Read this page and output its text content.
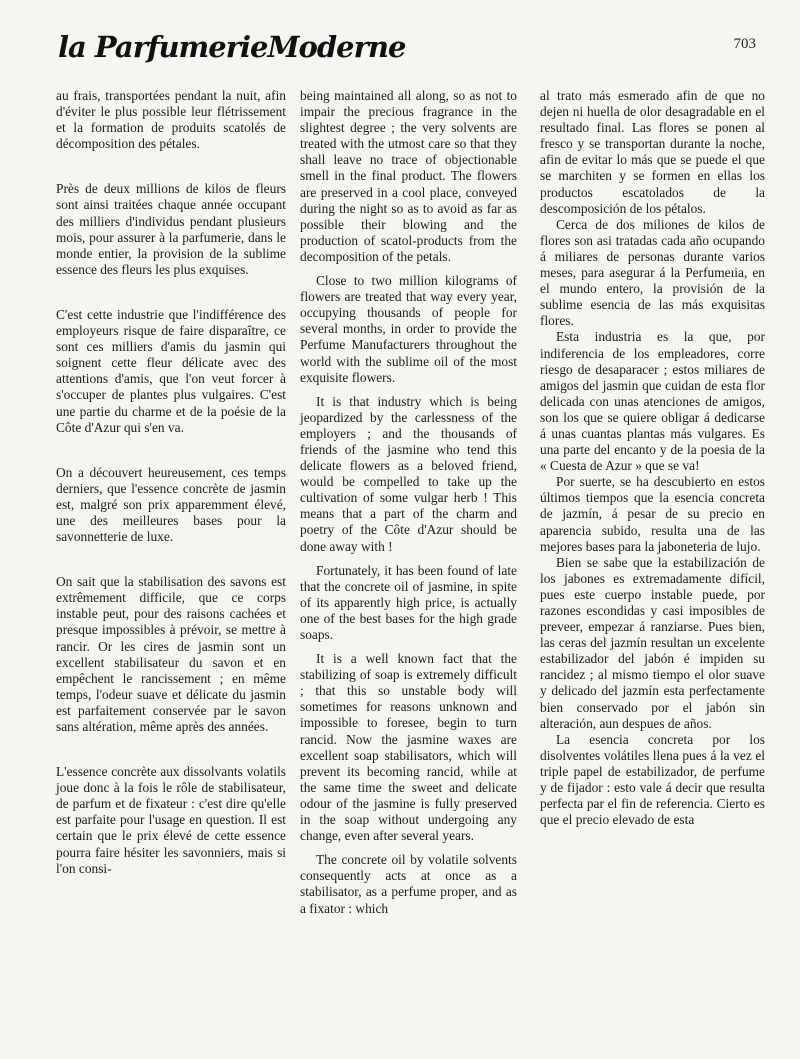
la ParfumerieModerne	703

au frais, transportées pendant la nuit, afin d'éviter le plus possible leur flétrissement et la formation de produits scatolés de décomposition des pétales.

Près de deux millions de kilos de fleurs sont ainsi traitées chaque année occupant des milliers d'individus pendant plusieurs mois, pour assurer à la parfumerie, dans le monde entier, la provision de la sublime essence des fleurs les plus exquises.

C'est cette industrie que l'indifférence des employeurs risque de faire disparaître, ce sont ces milliers d'amis du jasmin qui soignent cette fleur délicate avec des attentions d'amis, que l'on veut forcer à s'occuper de plantes plus vulgaires. C'est une partie du charme et de la poésie de la Côte d'Azur qui s'en va.

On a découvert heureusement, ces temps derniers, que l'essence concrète de jasmin est, malgré son prix apparemment élevé, une des meilleures bases pour la savonnetterie de luxe.

On sait que la stabilisation des savons est extrêmement difficile, que ce corps instable peut, pour des raisons cachées et presque impossibles à prévoir, se mettre à rancir. Or les cires de jasmin sont un excellent stabilisateur du savon et en empêchent le rancissement ; en même temps, l'odeur suave et délicate du jasmin est parfaitement conservée par le savon sans altération, même après des années.

L'essence concrète aux dissolvants volatils joue donc à la fois le rôle de stabilisateur, de parfum et de fixateur : c'est dire qu'elle est parfaite pour l'usage en question. Il est certain que le prix élevé de cette essence pourra faire hésiter les savonniers, mais si l'on consi-

being maintained all along, so as not to impair the precious fragrance in the slightest degree ; the very solvents are treated with the utmost care so that they shall leave no trace of objectionable smell in the final product. The flowers are preserved in a cool place, conveyed during the night so as to avoid as far as possible their blowing and the production of scatol-products from the decomposition of the petals.

Close to two million kilograms of flowers are treated that way every year, occupying thousands of people for several months, in order to provide the Perfume Manufacturers throughout the world with the sublime oil of the most exquisite flowers.

It is that industry which is being jeopardized by the carlessness of the employers ; and the thousands of friends of the jasmine who tend this delicate flowers as a beloved friend, would be compelled to take up the cultivation of some vulgar herb ! This means that a part of the charm and poetry of the Côte d'Azur should be done away with !

Fortunately, it has been found of late that the concrete oil of jasmine, in spite of its apparently high price, is actually one of the best bases for the high grade soaps.

It is a well known fact that the stabilizing of soap is extremely difficult ; that this so unstable body will sometimes for reasons unknown and impossible to foresee, begin to turn rancid. Now the jasmine waxes are excellent soap stabilisators, which will prevent its becoming rancid, while at the same time the sweet and delicate odour of the jasmine is fully preserved in the soap without undergoing any change, even after several years.

The concrete oil by volatile solvents consequently acts at once as a stabilisator, as a perfume proper, and as a fixator : which

al trato más esmerado afin de que no dejen ni huella de olor desagradable en el resultado final. Las flores se ponen al fresco y se transportan durante la noche, afin de evitar lo más que se puede el que se marchiten y se formen en ellas los productos escatolados de la descomposición de los pétalos.

Cerca de dos miliones de kilos de flores son asi tratadas cada año ocupando á miliares de personas durante varios meses, para asegurar á la Perfumeıia, en el mundo entero, la provisión de la sublime esencia de las más exquisitas flores.

Esta industria es la que, por indiferencia de los empleadores, corre riesgo de desaparacer ; estos miliares de amigos del jasmin que cuidan de esta flor delicada con unas atenciones de amigos, son los que se quiere obligar á dedicarse á unas cuantas plantas más vulgares. Es una parte del encanto y de la poesia de la « Cuesta de Azur » que se va!

Por suerte, se ha descubierto en estos últimos tiempos que la esencia concreta de jazmín, á pesar de su precio en aparencia subido, resulta una de las mejores bases para la jaboneteria de lujo.

Bien se sabe que la estabilización de los jabones es extremadamente difícil, pues este cuerpo instable puede, por razones escondidas y casi imposibles de preveer, empezar á ranziarse. Pues bien, las ceras del jazmín resultan un excelente estabilizador del jabón é impiden su rancidez ; al mismo tiempo el olor suave y delicado del jazmín esta perfectamente bien conservado por el jabón sin alteración, aun despues de años.

La esencia concreta por los disolventes volátiles llena pues á la vez el triple papel de estabilizador, de perfume y de fijador : esto vale á decir que resulta perfecta par el fin de referencia. Cierto es que el precio elevado de esta
